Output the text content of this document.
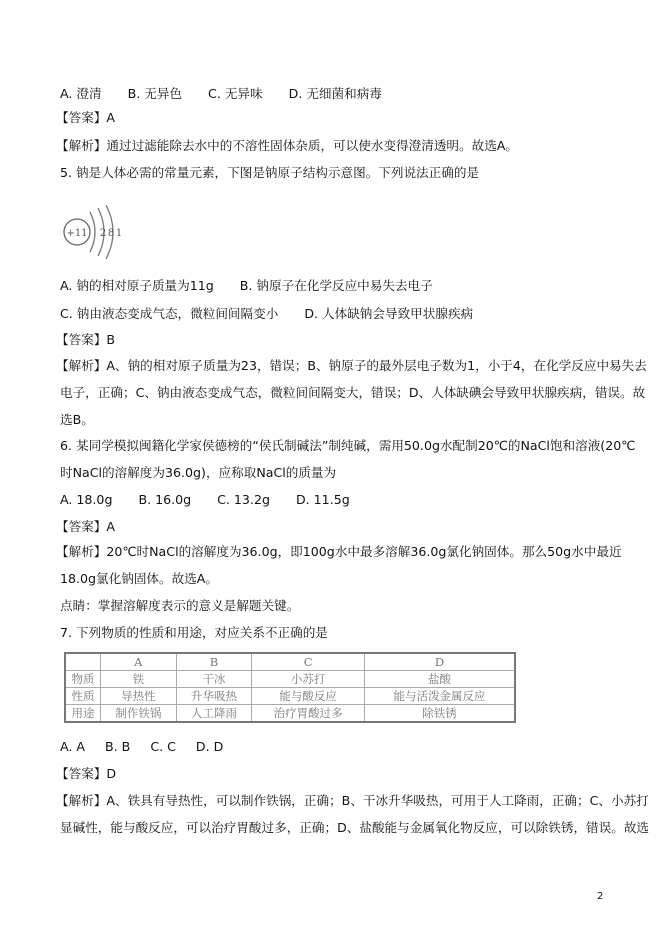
A. 澄清 B. 无异色 C. 无异味 D. 无细菌和病毒
【答案】A
【解析】通过过滤能除去水中的不溶性固体杂质，可以使水变得澄清透明。故选A。
5. 钠是人体必需的常量元素，下图是钠原子结构示意图。下列说法正确的是
+11 2 8 1
A. 钠的相对原子质量为11g B. 钠原子在化学反应中易失去电子
C. 钠由液态变成气态，微粒间间隔变小 D. 人体缺钠会导致甲状腺疾病
【答案】B
【解析】A、钠的相对原子质量为23，错误；B、钠原子的最外层电子数为1，小于4，在化学反应中易失去
电子，正确；C、钠由液态变成气态，微粒间间隔变大，错误；D、人体缺碘会导致甲状腺疾病，错误。故
选B。
6. 某同学模拟闽籍化学家侯德榜的“侯氏制碱法”制纯碱，需用50.0g水配制20℃的NaCl饱和溶液(20℃
时NaCl的溶解度为36.0g)，应称取NaCl的质量为
A. 18.0g B. 16.0g C. 13.2g D. 11.5g
【答案】A
【解析】20℃时NaCl的溶解度为36.0g，即100g水中最多溶解36.0g氯化钠固体。那么50g水中最近
18.0g氯化钠固体。故选A。
点睛：掌握溶解度表示的意义是解题关键。
7. 下列物质的性质和用途，对应关系不正确的是
	A	B	C	D
物质	铁	干冰	小苏打	盐酸
性质	导热性	升华吸热	能与酸反应	能与活泼金属反应
用途	制作铁锅	人工降雨	治疗胃酸过多	除铁锈
A. A B. B C. C D. D
【答案】D
【解析】A、铁具有导热性，可以制作铁锅，正确；B、干冰升华吸热，可用于人工降雨，正确；C、小苏打
显碱性，能与酸反应，可以治疗胃酸过多，正确；D、盐酸能与金属氧化物反应，可以除铁锈，错误。故选
2
